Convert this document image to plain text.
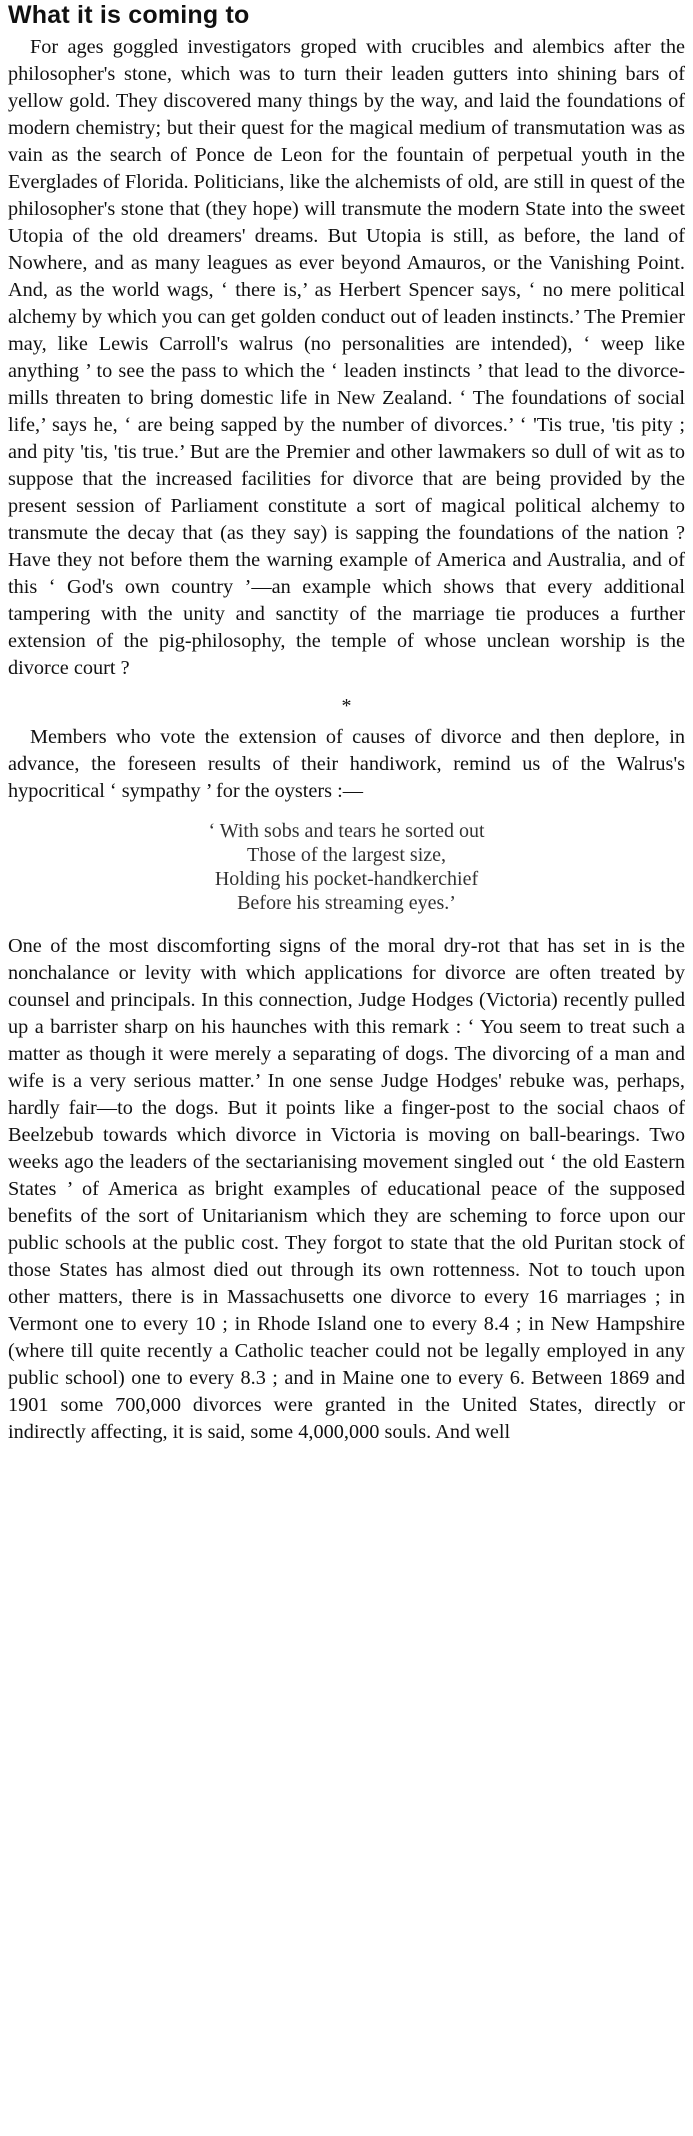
What it is coming to

For ages goggled investigators groped with crucibles and alembics after the philosopher's stone, which was to turn their leaden gutters into shining bars of yellow gold. They discovered many things by the way, and laid the foundations of modern chemistry; but their quest for the magical medium of transmutation was as vain as the search of Ponce de Leon for the fountain of perpetual youth in the Everglades of Florida. Politicians, like the alchemists of old, are still in quest of the philosopher's stone that (they hope) will transmute the modern State into the sweet Utopia of the old dreamers' dreams. But Utopia is still, as before, the land of Nowhere, and as many leagues as ever beyond Amauros, or the Vanishing Point. And, as the world wags, ‘ there is,’ as Herbert Spencer says, ‘ no mere political alchemy by which you can get golden conduct out of leaden instincts.’ The Premier may, like Lewis Carroll's walrus (no personalities are intended), ‘ weep like anything ’ to see the pass to which the ‘ leaden instincts ’ that lead to the divorce-mills threaten to bring domestic life in New Zealand. ‘ The foundations of social life,’ says he, ‘ are being sapped by the number of divorces.’ ‘ 'Tis true, 'tis pity ; and pity 'tis, 'tis true.’ But are the Premier and other lawmakers so dull of wit as to suppose that the increased facilities for divorce that are being provided by the present session of Parliament constitute a sort of magical political alchemy to transmute the decay that (as they say) is sapping the foundations of the nation ? Have they not before them the warning example of America and Australia, and of this ‘ God's own country ’—an example which shows that every additional tampering with the unity and sanctity of the marriage tie produces a further extension of the pig-philosophy, the temple of whose unclean worship is the divorce court ?

*

Members who vote the extension of causes of divorce and then deplore, in advance, the foreseen results of their handiwork, remind us of the Walrus's hypocritical ‘ sympathy ’ for the oysters :—

‘ With sobs and tears he sorted out
Those of the largest size,
Holding his pocket-handkerchief
Before his streaming eyes.’

One of the most discomforting signs of the moral dry-rot that has set in is the nonchalance or levity with which applications for divorce are often treated by counsel and principals. In this connection, Judge Hodges (Victoria) recently pulled up a barrister sharp on his haunches with this remark : ‘ You seem to treat such a matter as though it were merely a separating of dogs. The divorcing of a man and wife is a very serious matter.’ In one sense Judge Hodges' rebuke was, perhaps, hardly fair—to the dogs. But it points like a finger-post to the social chaos of Beelzebub towards which divorce in Victoria is moving on ball-bearings. Two weeks ago the leaders of the sectarianising movement singled out ‘ the old Eastern States ’ of America as bright examples of educational peace of the supposed benefits of the sort of Unitarianism which they are scheming to force upon our public schools at the public cost. They forgot to state that the old Puritan stock of those States has almost died out through its own rottenness. Not to touch upon other matters, there is in Massachusetts one divorce to every 16 marriages ; in Vermont one to every 10 ; in Rhode Island one to every 8.4 ; in New Hampshire (where till quite recently a Catholic teacher could not be legally employed in any public school) one to every 8.3 ; and in Maine one to every 6. Between 1869 and 1901 some 700,000 divorces were granted in the United States, directly or indirectly affecting, it is said, some 4,000,000 souls. And well
